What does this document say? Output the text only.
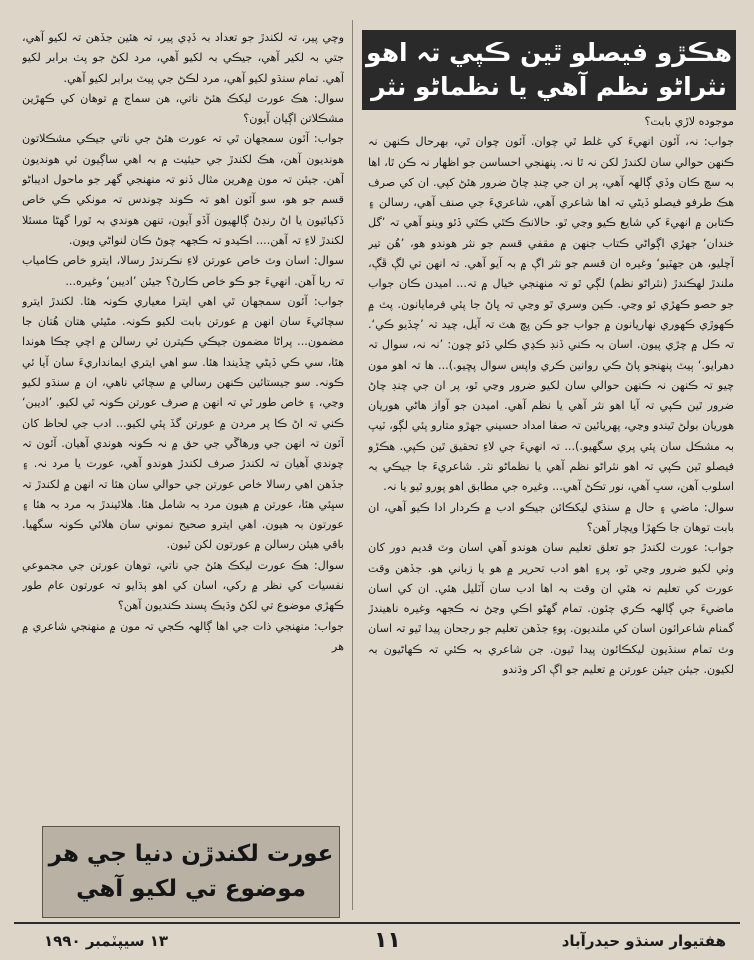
وچي پير، تہ لکندڙ جو تعداد بہ ڏڍي پير، تہ هئين جڏهن تہ لکيو آهي، جتي بہ لکير آهي، جيڪي بہ لکيو آهي، مرد لکڻ جو پٺ برابر لکيو آهي. تمام سنڌو لکيو آهي، مرد لڪڻ جي پيٽ برابر لکيو آهي.

سوال: هڪ عورت ليکڪ هئڻ ناتي، هن سماج ۾ توهان کي ڪهڙين مشڪلاتن اڳيان آيون؟

جواب: آئون سمجهان ٿي تہ عورت هئڻ جي ناتي جيڪي مشڪلاتون هونديون آهن، هڪ لکندڙ جي حيثيت ۾ بہ اهي ساڳيون ئي هونديون آهن. جيئن تہ مون ۾هرين مثال ڏنو تہ منهنجي گهر جو ماحول اديباڻو قسم جو هو، سو آئون اهو تہ ڪوند چوندس تہ مونکي ڪي خاص ڏکيائيون يا اڻ رنڊڻ ڳالهيون آڏو آيون، تنهن هوندي بہ ٿورا گهڻا مسئلا لکندڙ لاءِ تہ آهن.... اڪيدو تہ ڪجهہ چوڻ ڪان لنواڻي ويون.

سوال: اسان وٽ خاص عورتن لاءِ نڪرندڙ رسالا، ايترو خاص ڪامياب تہ ريا آهن. انهيءَ جو ڪو خاص ڪارڻ؟ جيئن ’اديبن‘ وغيره...

جواب: آئون سمجهان ٿي اهي ايترا معياري ڪونہ هئا. لکندڙ ايترو سچائيءَ سان انهن ۾ عورتن بابت لکيو ڪونہ. مڻيئي هتان هُتان جا مضمون... پراڻا مضمون جيڪي ڪيترن ئي رسالن ۾ اچي چڪا هوندا هئا، سي ڪي ڏيڻي ڇڏيندا هئا. سو اهي ايتري ايمانداريءَ سان آيا ئي ڪونہ. سو جيستائين ڪنهن رسالي ۾ سچائي ناهي، ان ۾ سنڌو لکيو وڃي، ۽ خاص طور ٿي تہ انهن ۾ صرف عورتن ڪونہ ٿي لکيو. ’اديبن‘ ڪني تہ اڻ ڪا پر مردن ۾ عورتن گڏ پئي لکيو... ادب جي لحاظ کان آئون تہ انهن جي ورهاڱي جي حق ۾ نہ ڪونہ هوندي آهيان. آئون تہ چوندي آهيان تہ لکندڙ صرف لکندڙ هوندو آهي، عورت يا مرد نہ. ۽ جڏهن اهي رسالا خاص عورتن جي حوالي سان هئا تہ انهن ۾ لکندڙ تہ سڀئي هئا، عورتن ۾ هيون مرد بہ شامل هئا. هلائيندڙ بہ مرد بہ هئا ۽ عورتون بہ هيون. اهي ايترو صحيح نموني سان هلائي ڪونہ سگهيا. باقي هيئن رسالن ۾ عورتون لکن ٿيون.

سوال: هڪ عورت ليکڪ هئڻ جي ناتي، توهان عورتن جي مجموعي نفسيات کي نظر ۾ رکي، اسان کي اهو ٻڌايو تہ عورتون عام طور ڪهڙي موضوع تي لکڻ وڌيڪ پسند ڪنديون آهن؟

جواب: منهنجي ذات جي اها ڳالهہ ڪجي تہ مون ۾ منهنجي شاعري ۾ هر

هڪڙو فيصلو ٿين ڪپي تہ اهو
نثراڻو نظم آهي يا نظماڻو نثر

موجوده لاڙي بابت؟

جواب: نہ، آئون انهيءَ کي غلط ٿي چوان. آئون چوان ٿي، بهرحال ڪنهن نہ ڪنهن حوالي سان لکندڙ لکن نہ ٿا نہ. پنهنجي احساسن جو اظهار نہ ڪن ٿا، اها بہ سچ ڪان وڏي ڳالهہ آهي، پر ان جي چنڊ چاڻ ضرور هئڻ کپي. ان کي صرف هڪ طرفو فيصلو ڏيڻي تہ اها شاعري آهي، شاعريءَ جي صنف آهي، رسالن ۽ ڪتابن ۾ انهيءَ کي شايع ڪيو وڃي ٿو. حالانڪ ڪٿي ڪٿي ڏئو وينو آهي تہ ’گل خندان‘ جهڙي اڳواڻي ڪتاب جنهن ۾ مقفي قسم جو نثر هوندو هو، ’هُن تير آچليو، هن جهٽيو‘ وغيره ان قسم جو نثر اڳ ۾ بہ آيو آهي. تہ انهن تي لڳ ڦڳ، ملندڙ لهڪندڙ (نثراڻو نظم) لڳي ٿو تہ منهنجي خيال ۾ تہ... اميدن ڪان جواب جو حصو ڪهڙي ئو وڃي. ڪين وسري ٿو وڃي تہ ڀاڻ جا پئي فرمايانون. پٽ ۾ ڪهوڙي ڪهوري نهاريانون ۾ جواب جو ڪن پڇ هٽ تہ آيل، چيد تہ ’چڏيو ڪي‘. تہ ڪل ۾ چڙي پيون. اسان بہ ڪني ڏنڊ ڪڍي ڪلي ڏئو چون: ’نہ نہ، سوال تہ دهرايو.‘ ٻيٽ پنهنجو پاڻ ڪي روانين ڪري واپس سوال پڇيو.)... ها تہ اهو مون چيو تہ ڪنهن نہ ڪنهن حوالي سان لکيو ضرور وڃي ٿو، پر ان جي چنڊ چاڻ ضرور ٿين ڪپي تہ آيا اهو نثر آهي يا نظم آهي. اميدن جو آواز هاڻي هوريان هوريان بولڻ ٿيندو وڃي، پهريائين تہ صفا امداد حسيني جهڙو متارو پئي لڳو، ٽيپ بہ مشڪل سان پئي پري سگهيو.)... تہ انهيءَ جي لاءِ تحقيق ٿين ڪپي. هڪڙو فيصلو ٿين ڪپي تہ اهو نثراڻو نظم آهي يا نظماڻو نثر. شاعريءَ جا جيڪي بہ اسلوب آهن، سڀ آهي، نور تڪڻ آهي... وغيره جي مطابق اهو پورو ٿيو يا نہ.

سوال: ماضي ۽ حال ۾ سنڌي ليکڪائن جيڪو ادب ۾ ڪردار ادا ڪيو آهي، ان بابت توهان جا ڪهڙا ويچار آهن؟

جواب: عورت لکندڙ جو تعلق تعليم سان هوندو آهي اسان وٽ قديم دور کان وٺي لکيو ضرور وڃي ٿو، پر۽ اهو ادب تحرير ۾ هو يا زباني هو. جڏهن وقت عورت کي تعليم نہ هئي ان وقت بہ اها ادب سان آٽليل هئي. ان کي اسان ماضيءَ جي ڳالهہ ڪري چئون. تمام گهڻو اڪي وڃڻ نہ ڪجهہ وغيره ناهيندڙ گمنام شاعرائون اسان کي ملنديون. پوءِ جڏهن تعليم جو رجحان پيدا ٿيو تہ اسان وٽ تمام سنڌيون ليکڪائون پيدا ٿيون. جن شاعري بہ ڪئي تہ ڪهاڻيون بہ لکيون. جيئن جيئن عورتن ۾ تعليم جو اڳ اکر وڌندو

عورت لکندڙن دنيا جي هر
موضوع تي لکيو آهي
١٣ سيپٽمبر ١٩٩٠	١١	هفتيوار سنڌو حيدرآباد
